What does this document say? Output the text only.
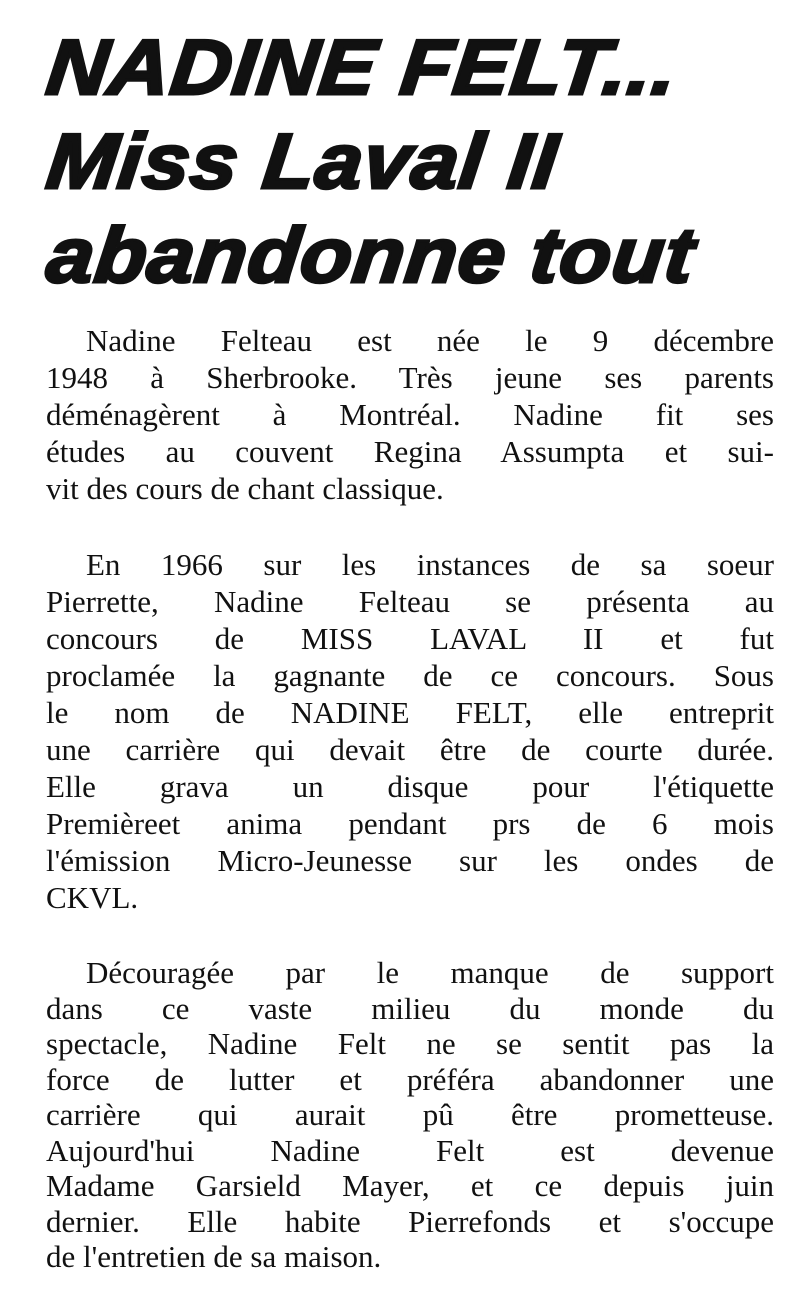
NADINE FELT...
Miss Laval II
abandonne tout
Nadine Felteau est née le 9 décembre
1948 à Sherbrooke. Très jeune ses parents
déménagèrent à Montréal. Nadine fit ses
études au couvent Regina Assumpta et sui-
vit des cours de chant classique.
En 1966 sur les instances de sa soeur
Pierrette, Nadine Felteau se présenta au
concours de MISS LAVAL II et fut
proclamée la gagnante de ce concours. Sous
le nom de NADINE FELT, elle entreprit
une carrière qui devait être de courte durée.
Elle grava un disque pour l'étiquette
Premièreet anima pendant prs de 6 mois
l'émission Micro-Jeunesse sur les ondes de
CKVL.
Découragée par le manque de support
dans ce vaste milieu du monde du
spectacle, Nadine Felt ne se sentit pas la
force de lutter et préféra abandonner une
carrière qui aurait pû être prometteuse.
Aujourd'hui Nadine Felt est devenue
Madame Garsield Mayer, et ce depuis juin
dernier. Elle habite Pierrefonds et s'occupe
de l'entretien de sa maison.
